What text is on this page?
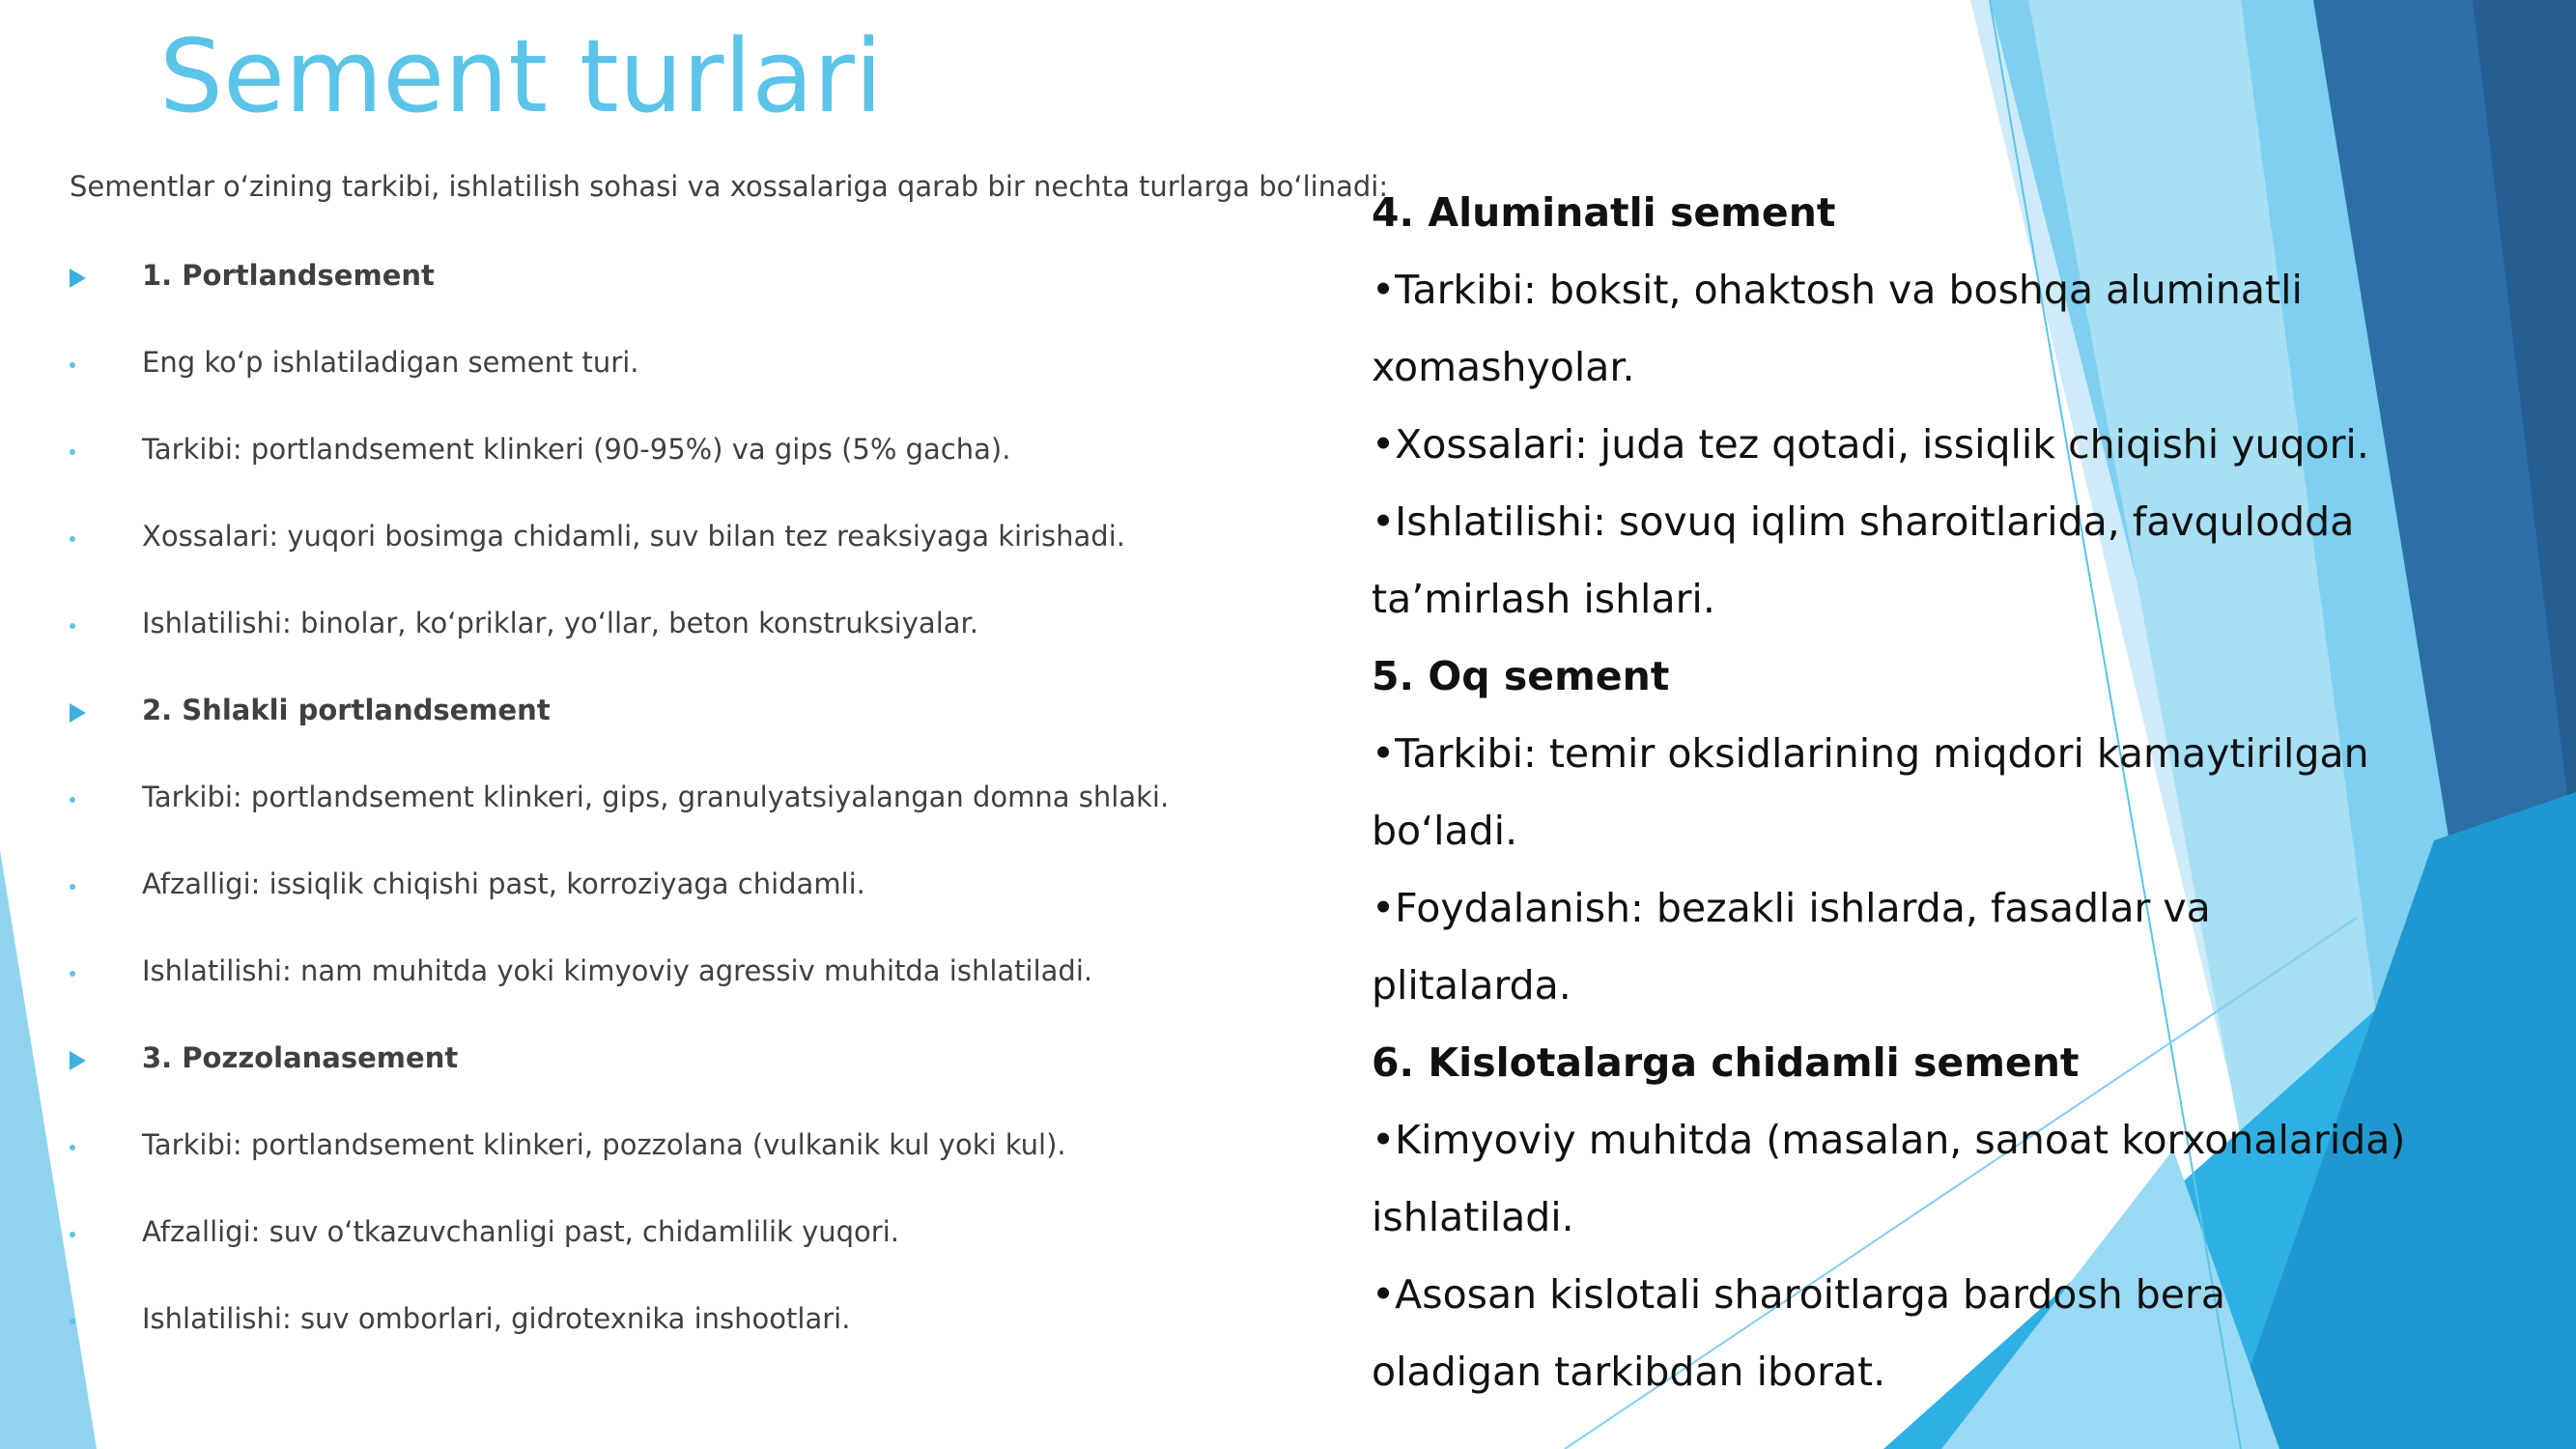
Sement turlari
Sementlar o‘zining tarkibi, ishlatilish sohasi va xossalariga qarab bir nechta turlarga bo‘linadi:
1. Portlandsement
Eng ko‘p ishlatiladigan sement turi.
Tarkibi: portlandsement klinkeri (90-95%) va gips (5% gacha).
Xossalari: yuqori bosimga chidamli, suv bilan tez reaksiyaga kirishadi.
Ishlatilishi: binolar, ko‘priklar, yo‘llar, beton konstruksiyalar.
2. Shlakli portlandsement
Tarkibi: portlandsement klinkeri, gips, granulyatsiyalangan domna shlaki.
Afzalligi: issiqlik chiqishi past, korroziyaga chidamli.
Ishlatilishi: nam muhitda yoki kimyoviy agressiv muhitda ishlatiladi.
3. Pozzolanasement
Tarkibi: portlandsement klinkeri, pozzolana (vulkanik kul yoki kul).
Afzalligi: suv o‘tkazuvchanligi past, chidamlilik yuqori.
Ishlatilishi: suv omborlari, gidrotexnika inshootlari.
4. Aluminatli sement
•Tarkibi: boksit, ohaktosh va boshqa aluminatli
xomashyolar.
•Xossalari: juda tez qotadi, issiqlik chiqishi yuqori.
•Ishlatilishi: sovuq iqlim sharoitlarida, favqulodda
ta’mirlash ishlari.
5. Oq sement
•Tarkibi: temir oksidlarining miqdori kamaytirilgan
bo‘ladi.
•Foydalanish: bezakli ishlarda, fasadlar va
plitalarda.
6. Kislotalarga chidamli sement
•Kimyoviy muhitda (masalan, sanoat korxonalarida)
ishlatiladi.
•Asosan kislotali sharoitlarga bardosh bera
oladigan tarkibdan iborat.
